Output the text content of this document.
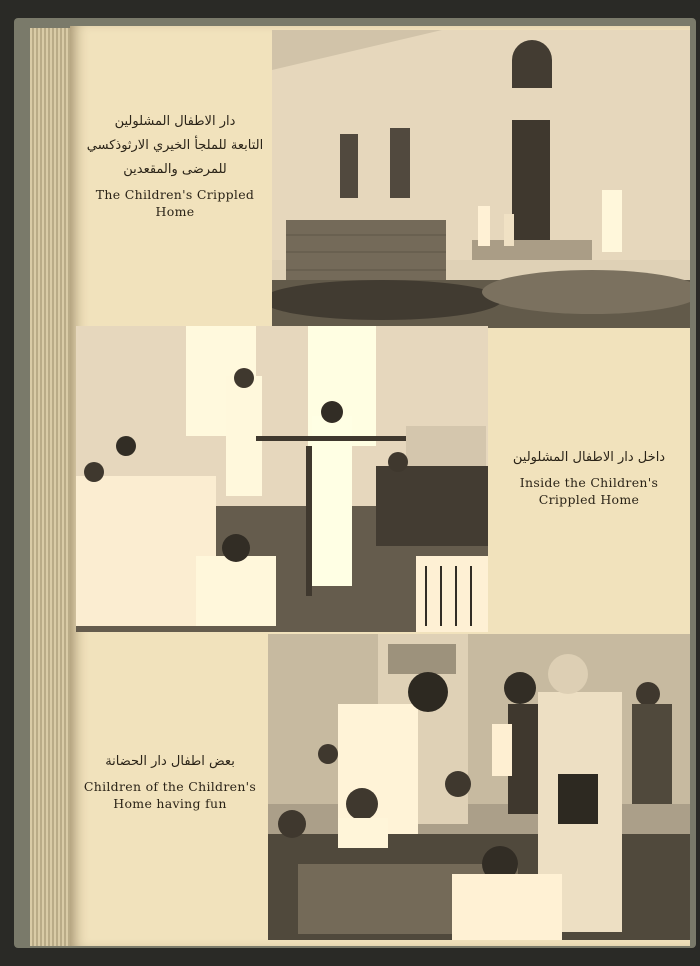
دار الاطفال المشلولين
التابعة للملجأ الخيري الارثوذكسي
للمرضى والمقعدين
The Children's Crippled
Home
داخل دار الاطفال المشلولين
Inside the Children's
Crippled Home
بعض اطفال دار الحضانة
Children of the Children's
Home having fun
